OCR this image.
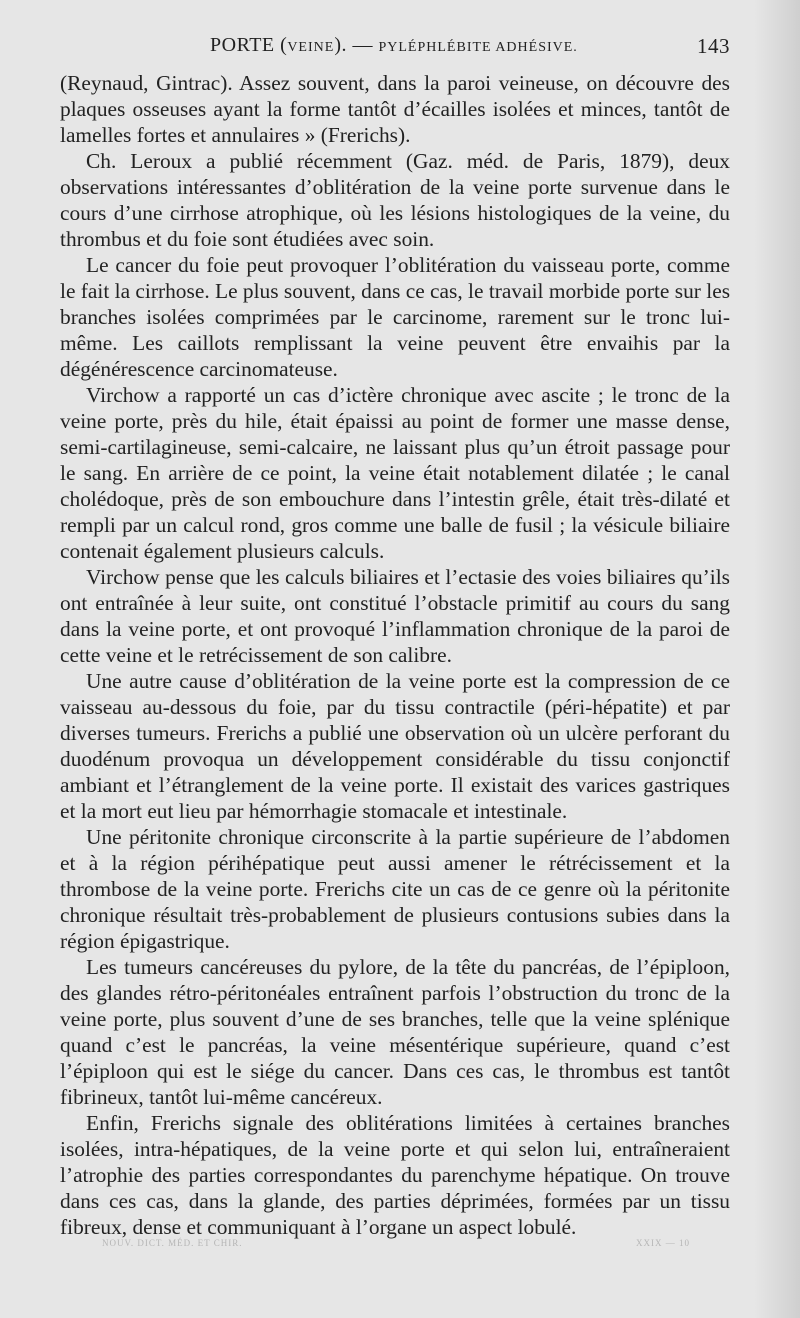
PORTE (VEINE). — PYLÉPHLÉBITE ADHÉSIVE.	143

(Reynaud, Gintrac). Assez souvent, dans la paroi veineuse, on découvre des plaques osseuses ayant la forme tantôt d’écailles isolées et minces, tantôt de lamelles fortes et annulaires » (Frerichs).

Ch. Leroux a publié récemment (Gaz. méd. de Paris, 1879), deux observations intéressantes d’oblitération de la veine porte survenue dans le cours d’une cirrhose atrophique, où les lésions histologiques de la veine, du thrombus et du foie sont étudiées avec soin.

Le cancer du foie peut provoquer l’oblitération du vaisseau porte, comme le fait la cirrhose. Le plus souvent, dans ce cas, le travail morbide porte sur les branches isolées comprimées par le carcinome, rarement sur le tronc lui-même. Les caillots remplissant la veine peuvent être envaihis par la dégénérescence carcinomateuse.

Virchow a rapporté un cas d’ictère chronique avec ascite ; le tronc de la veine porte, près du hile, était épaissi au point de former une masse dense, semi-cartilagineuse, semi-calcaire, ne laissant plus qu’un étroit passage pour le sang. En arrière de ce point, la veine était notablement dilatée ; le canal cholédoque, près de son embouchure dans l’intestin grêle, était très-dilaté et rempli par un calcul rond, gros comme une balle de fusil ; la vésicule biliaire contenait également plusieurs calculs.

Virchow pense que les calculs biliaires et l’ectasie des voies biliaires qu’ils ont entraînée à leur suite, ont constitué l’obstacle primitif au cours du sang dans la veine porte, et ont provoqué l’inflammation chronique de la paroi de cette veine et le retrécissement de son calibre.

Une autre cause d’oblitération de la veine porte est la compression de ce vaisseau au-dessous du foie, par du tissu contractile (péri-hépatite) et par diverses tumeurs. Frerichs a publié une observation où un ulcère perforant du duodénum provoqua un développement considérable du tissu conjonctif ambiant et l’étranglement de la veine porte. Il existait des varices gastriques et la mort eut lieu par hémorrhagie stomacale et intestinale.

Une péritonite chronique circonscrite à la partie supérieure de l’abdomen et à la région périhépatique peut aussi amener le rétrécissement et la thrombose de la veine porte. Frerichs cite un cas de ce genre où la péritonite chronique résultait très-probablement de plusieurs contusions subies dans la région épigastrique.

Les tumeurs cancéreuses du pylore, de la tête du pancréas, de l’épiploon, des glandes rétro-péritonéales entraînent parfois l’obstruction du tronc de la veine porte, plus souvent d’une de ses branches, telle que la veine splénique quand c’est le pancréas, la veine mésentérique supérieure, quand c’est l’épiploon qui est le siége du cancer. Dans ces cas, le thrombus est tantôt fibrineux, tantôt lui-même cancéreux.

Enfin, Frerichs signale des oblitérations limitées à certaines branches isolées, intra-hépatiques, de la veine porte et qui selon lui, entraîneraient l’atrophie des parties correspondantes du parenchyme hépatique. On trouve dans ces cas, dans la glande, des parties déprimées, formées par un tissu fibreux, dense et communiquant à l’organe un aspect lobulé.

NOUV. DICT. MÉD. ET CHIR.	XXIX — 10
